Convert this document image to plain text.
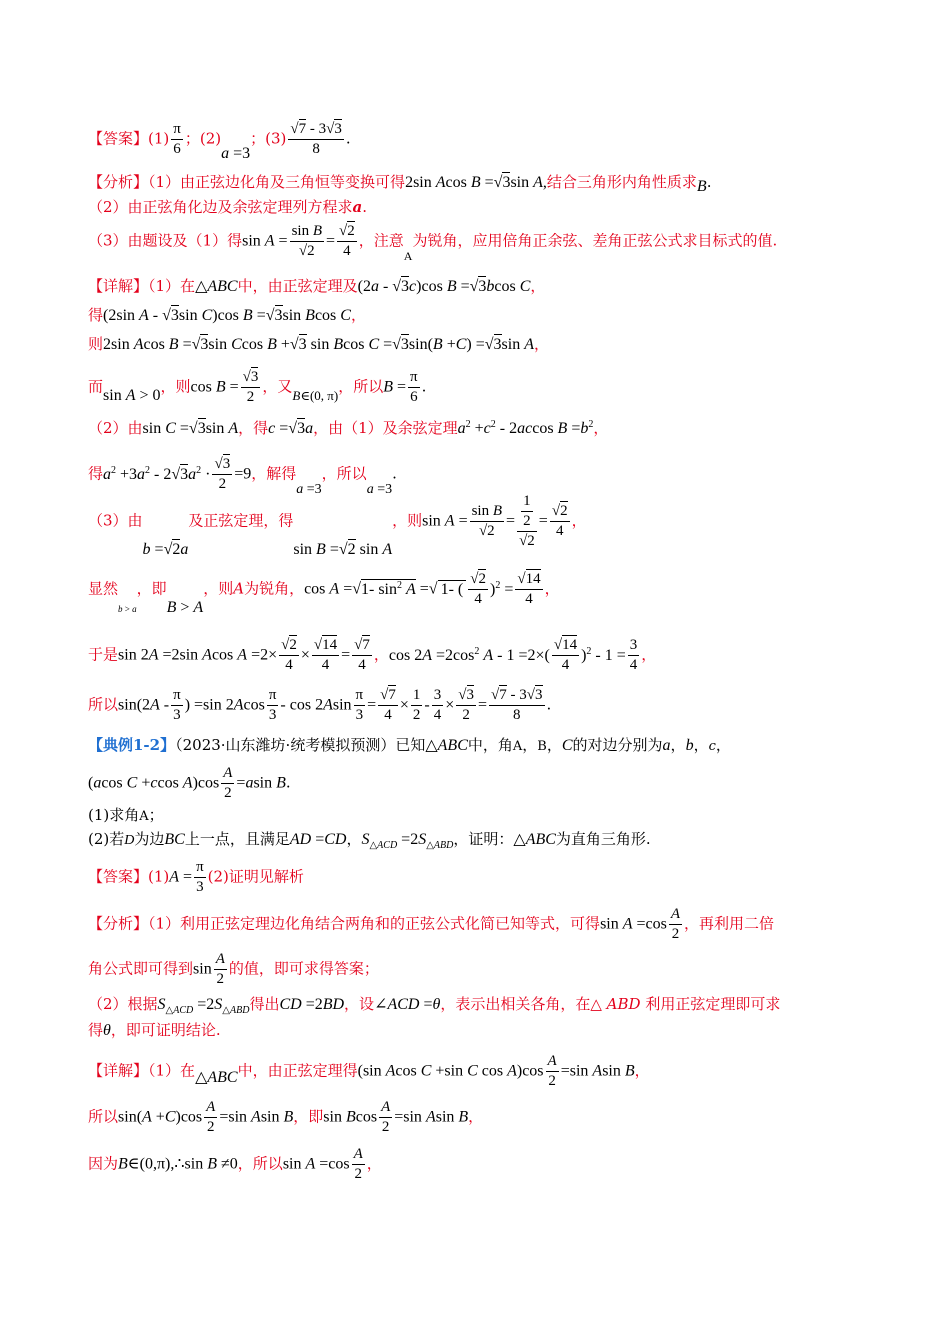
【答案】$(1) \frac{\pi}{6}$ ；(2)a =3；$(3) \frac{√7 - 3√3}{8}$ .
【分析】（1）由正弦边化角及三角恒等变换可得2sin Acos B =√3sin A,结合三角形内角性质求B.
（2）由正弦角化边及余弦定理列方程求a.
（3）由题设及（1）得$\sin A = \frac{\text{sin B}}{√2} = \frac{√2}{4}$ ，注意A为锐角，应用倍角正余弦、差角正弦公式求目标式的值.
【详解】（1）在△ABC中，由正弦定理及(2a - √3c)cos B =√3bcos C，
得(2sin A - √3sin C)cos B =√3sin Bcos C，
则2sin Acos B =√3sin Ccos B +√3 sin Bcos C =√3sin(B +C) =√3sin A，
而sin A > 0，则$\cos B = \frac{√3}{2}$ ，又B∈(0, π)，所以$B = \frac{\pi}{6}$ .
（2）由sin C =√3sin A，得c =√3a，由（1）及余弦定理$a^2 +c^2 - 2accos$ $B =b^2$，
得$a^2 +3a^2 - 2√3a^2 \cdot \frac{√3}{2} =9$，解得a =3，所以a =3.
（3）由b =√2a及正弦定理，得sin B =√2 sin A，则$\sin A = \frac{\text{sin B}}{√2} = \frac{\frac{1}{2}}{√2} = \frac{√2}{4}$ ，
显然b > a，即B > A，则A为锐角，cos A =√1- $\sin^2 A$ =√ 1- ( $\frac{√2}{4} )^2 = \frac{√14}{4}$ ，
于是sin 2A =2sin Acos $A =2\times \frac{√2}{4} \times \frac{√14}{4} = \frac{√7}{4}$ ，$\cos 2A =2\cos^2$ $A - 1 =2\times( \frac{√14}{4} )^2 - 1 = \frac{3}{4}$ ，
所以$\sin(2A - \frac{\pi}{3}$ ) =sin $2Acos \frac{\pi}{3} - \cos 2Asin \frac{\pi}{3} = \frac{√7}{4} \times \frac{1}{2} - \frac{3}{4} \times \frac{√3}{2} = \frac{√7 - 3√3}{8}$ .
【典例1-2】（2023·山东潍坊·统考模拟预测）已知△ABC中，角A，B，C的对边分别为a，b，c，
(acos C +ccos $A)\cos \frac{A}{2} =asin$ B.
(1)求角A；
(2)若D为边BC上一点，且满足AD =CD，$S_{\triangle ACD} =2S_{\triangle ABD}$，证明：△ABC为直角三角形.
【答案】$(1)A = \frac{\pi}{3} (2)$证明见解析
【分析】（1）利用正弦定理边化角结合两角和的正弦公式化简已知等式，可得$\sin A =\cos \frac{A}{2}$ ，再利用二倍
角公式即可得到$\sin \frac{A}{2}$ 的值，即可求得答案；
（2）根据$S_{\triangle ACD} =2S_{\triangle ABD}$得出CD =2BD，设∠ACD =θ，表示出相关各角，在△ ABD 利用正弦定理即可求
得θ，即可证明结论.
【详解】（1）在△ABC中，由正弦定理得(sin Acos C +sin C $\cos A)\cos \frac{A}{2} =\sin$ Asin B，
所以$\sin(A +C)\cos \frac{A}{2} =\sin$ Asin B，即sin Bcos $\frac{A}{2} =\sin$ Asin B，
因为B∈(0,π),∴sin B ≠0，所以$\sin A =\cos \frac{A}{2}$ ，
